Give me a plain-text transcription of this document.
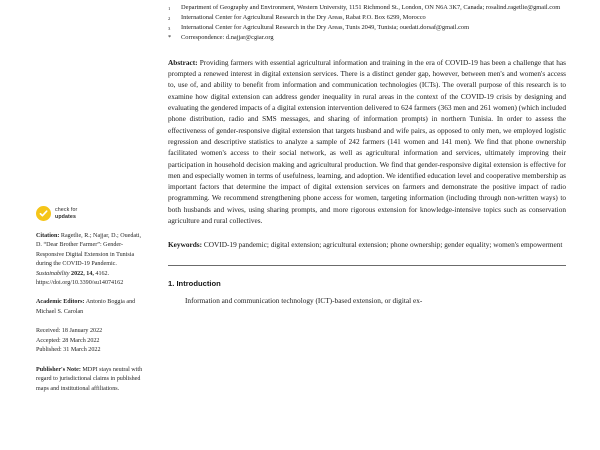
check for
updates
Citation: Ragetlie, R.; Najjar, D.; Ouedati, D. “Dear Brother Farmer”: Gender-Responsive Digital Extension in Tunisia during the COVID-19 Pandemic. Sustainability 2022, 14, 4162. https://doi.org/10.3390/su14074162
Academic Editors: Antonio Boggia and Michael S. Carolan
Received: 18 January 2022
Accepted: 28 March 2022
Published: 31 March 2022
Publisher's Note: MDPI stays neutral with regard to jurisdictional claims in published maps and institutional affiliations.
1	Department of Geography and Environment, Western University, 1151 Richmond St., London, ON N6A 3K7, Canada; rosalind.ragetlie@gmail.com
2	International Center for Agricultural Research in the Dry Areas, Rabat P.O. Box 6299, Morocco
3	International Center for Agricultural Research in the Dry Areas, Tunis 2049, Tunisia; ouedati.dorsaf@gmail.com
*	Correspondence: d.najjar@cgiar.org
Abstract: Providing farmers with essential agricultural information and training in the era of COVID-19 has been a challenge that has prompted a renewed interest in digital extension services. There is a distinct gender gap, however, between men's and women's access to, use of, and ability to benefit from information and communication technologies (ICTs). The overall purpose of this research is to examine how digital extension can address gender inequality in rural areas in the context of the COVID-19 crisis by designing and evaluating the gendered impacts of a digital extension intervention delivered to 624 farmers (363 men and 261 women) (which included phone distribution, radio and SMS messages, and sharing of information prompts) in northern Tunisia. In order to assess the effectiveness of gender-responsive digital extension that targets husband and wife pairs, as opposed to only men, we employed logistic regression and descriptive statistics to analyze a sample of 242 farmers (141 women and 141 men). We find that phone ownership facilitated women's access to their social network, as well as agricultural information and services, ultimately improving their participation in household decision making and agricultural production. We find that gender-responsive digital extension is effective for men and especially women in terms of usefulness, learning, and adoption. We identified education level and cooperative membership as important factors that determine the impact of digital extension services on farmers and demonstrate the positive impact of radio programming. We recommend strengthening phone access for women, targeting information (including through non-written ways) to both husbands and wives, using sharing prompts, and more rigorous extension for knowledge-intensive topics such as conservation agriculture and rural collectives.
Keywords: COVID-19 pandemic; digital extension; agricultural extension; phone ownership; gender equality; women's empowerment
1. Introduction
Information and communication technology (ICT)-based extension, or digital ex-
